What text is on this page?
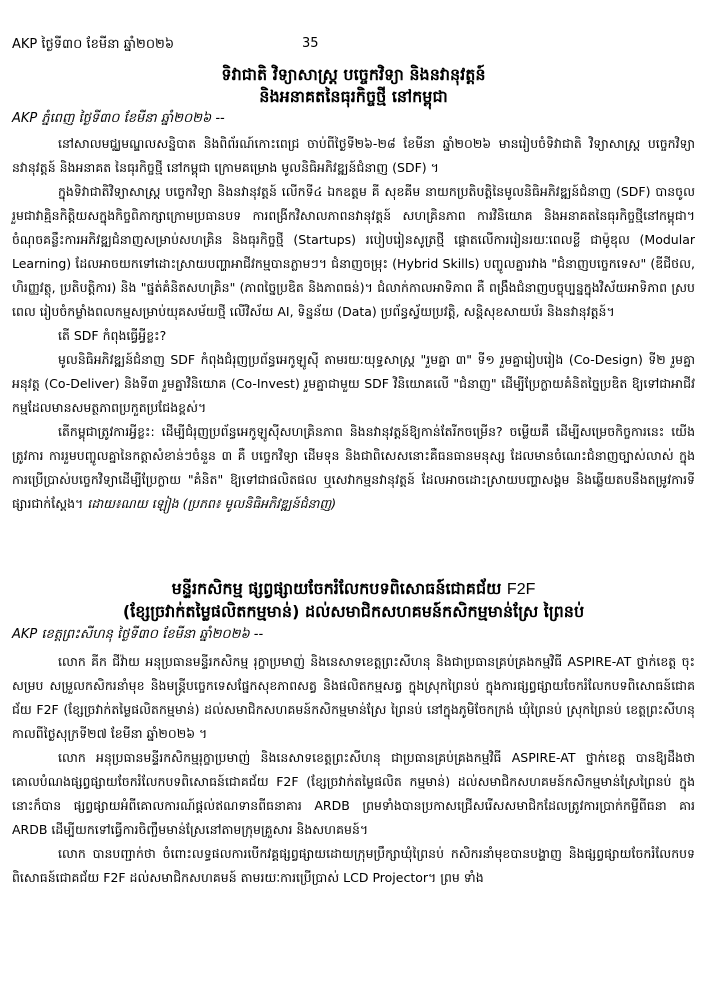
AKP ថ្ងៃទី៣០ ខែមីនា ឆ្នាំ២០២៦	35
ទិវាជាតិ វិទ្យាសាស្ត្រ បច្ចេកវិទ្យា និងនវានុវត្តន៍
និងអនាគតនៃធុរកិច្ចថ្មី នៅកម្ពុជា
AKP ភ្នំពេញ ថ្ងៃទី៣០ ខែមីនា ឆ្នាំ២០២៦ --

នៅសាលមជ្ឈមណ្ឌលសន្និបាត និងពិព័រណ៍កោះពេជ្រ ចាប់ពីថ្ងៃទី២៦-២៨ ខែមីនា ឆ្នាំ២០២៦ មានរៀបចំទិវាជាតិ វិទ្យាសាស្ត្រ បច្ចេកវិទ្យា នវានុវត្តន៍ និងអនាគត នៃធុរកិច្ចថ្មី នៅកម្ពុជា ក្រោមគម្រោង មូលនិធិអភិវឌ្ឍន៍ជំនាញ (SDF) ។

ក្នុងទិវាជាតិវិទ្យាសាស្ត្រ បច្ចេកវិទ្យា និងនវានុវត្តន៍ លើកទី៤ ឯកឧត្តម គី សុខគីម នាយកប្រតិបត្តិនៃមូលនិធិអភិវឌ្ឍន៍ជំនាញ (SDF) បានចូលរួមជាវាគ្មិនកិត្តិយសក្នុងកិច្ចពិភាក្សាក្រោមប្រធានបទ ការពង្រីកវិសាលភាពនវានុវត្តន៍ សហគ្រិនភាព ការវិនិយោគ និងអនាគតនៃធុរកិច្ចថ្មីនៅកម្ពុជា។ ចំណុចគន្លឹះការអភិវឌ្ឍជំនាញសម្រាប់សហគ្រិន និងធុរកិច្ចថ្មី (Startups) របៀបរៀនសូត្រថ្មី ផ្ដោតលើការរៀនរយៈពេលខ្លី ជាម៉ូឌុល (Modular Learning) ដែលអាចយកទៅដោះស្រាយបញ្ហាអាជីវកម្មបានភ្លាមៗ។ ជំនាញចម្រុះ (Hybrid Skills) បញ្ចូលគ្នារវាង "ជំនាញបច្ចេកទេស" (ឌីជីថល, ហិរញ្ញវត្ថុ, ប្រតិបត្តិការ) និង "ផ្នត់គំនិតសហគ្រិន" (ភាពច្នៃប្រឌិត និងភាពធន់)។ ជំលាក់កាលអាទិភាព គឺ ពង្រឹងជំនាញបច្ចុប្បន្នក្នុងវិស័យអាទិភាព ស្របពេល រៀបចំកម្លាំងពលកម្មសម្រាប់យុគសម័យថ្មី លើវិស័យ AI, ទិន្នន័យ (Data) ប្រព័ន្ធស្វ័យប្រវត្តិ, សន្តិសុខសាយប័រ និងនវានុវត្តន៍។

តើ SDF កំពុងធ្វើអ្វីខ្លះ?

មូលនិធិអភិវឌ្ឍន៍ជំនាញ SDF កំពុងជំរុញប្រព័ន្ធអេកូឡូស៊ី តាមរយៈយុទ្ធសាស្ត្រ "រួមគ្នា ៣" ទី១ រួមគ្នារៀបរៀង (Co-Design) ទី២ រួមគ្នាអនុវត្ត (Co-Deliver) និងទី៣ រួមគ្នាវិនិយោគ (Co-Invest) រួមគ្នាជាមួយ SDF វិនិយោគលើ "ជំនាញ" ដើម្បីប្រែក្លាយគំនិតច្នៃប្រឌិត ឱ្យទៅជាអាជីវកម្មដែលមានសមត្ថភាពប្រកួតប្រជែងខ្ពស់។

តើកម្ពុជាត្រូវការអ្វីខ្លះ: ដើម្បីជំរុញប្រព័ន្ធអេកូឡូស៊ីសហគ្រិនភាព និងនវានុវត្តន៍ឱ្យកាន់តែរីកចម្រើន? ចម្លើយគឺ ដើម្បីសម្រេចកិច្ចការនេះ យើងត្រូវការ ការរួមបញ្ចូលគ្នានៃកត្តាសំខាន់ៗចំនួន ៣ គឺ បច្ចេកវិទ្យា ដើមទុន និងជាពិសេសនោះគឺធនធានមនុស្ស ដែលមានចំណេះជំនាញច្បាស់លាស់ ក្នុងការប្រើប្រាស់បច្ចេកវិទ្យាដើម្បីប្រែក្លាយ "គំនិត" ឱ្យទៅជាផលិតផល ឬសេវាកម្មនវានុវត្តន៍ ដែលអាចដោះស្រាយបញ្ហាសង្គម និងឆ្លើយតបនឹងតម្រូវការទីផ្សារជាក់ស្តែង។ ដោយ៖ណយ ឡៀង (ប្រភព៖ មូលនិធិអភិវឌ្ឍន៍ជំនាញ)

មន្ទីរកសិកម្ម ផ្សព្វផ្សាយចែករំលែកបទពិសោធន៍ជោគជ័យ F2F
(ខ្សែច្រវាក់តម្លៃផលិតកម្មមាន់) ដល់សមាជិកសហគមន៍កសិកម្មមាន់ស្រែ ព្រៃនប់
AKP ខេត្តព្រះសីហនុ ថ្ងៃទី៣០ ខែមីនា ឆ្នាំ២០២៦ --

លោក គីក ជីវ៉ាយ អនុប្រធានមន្ទីរកសិកម្ម រុក្ខាប្រមាញ់ និងនេសាទខេត្តព្រះសីហនុ និងជាប្រធានគ្រប់គ្រងកម្មវិធី ASPIRE-AT ថ្នាក់ខេត្ត ចុះសម្រប សម្រួលកសិករនាំមុខ និងមន្ត្រីបច្ចេកទេសផ្នែកសុខភាពសត្វ និងផលិតកម្មសត្វ ក្នុងស្រុកព្រៃនប់ ក្នុងការផ្សព្វផ្សាយចែករំលែកបទពិសោធន៍ជោគ ជ័យ F2F (ខ្សែច្រវាក់តម្លៃផលិតកម្មមាន់) ដល់សមាជិកសហគមន៍កសិកម្មមាន់ស្រែ ព្រៃនប់ នៅក្នុងភូមិចែកក្រង់ ឃុំព្រៃនប់ ស្រុកព្រៃនប់ ខេត្តព្រះសីហនុ កាលពីថ្ងៃសុក្រទី២៧ ខែមីនា ឆ្នាំ២០២៦ ។

លោក អនុប្រធានមន្ទីរកសិកម្មរុក្ខាប្រមាញ់ និងនេសាទខេត្តព្រះសីហនុ ជាប្រធានគ្រប់គ្រងកម្មវិធី ASPIRE-AT ថ្នាក់ខេត្ត បានឱ្យដឹងថា គោលបំណងផ្សព្វផ្សាយចែករំលែកបទពិសោធន៍ជោគជ័យ F2F (ខ្សែច្រវាក់តម្លៃផលិត កម្មមាន់) ដល់សមាជិកសហគមន៍កសិកម្មមាន់ស្រែព្រៃនប់ ក្នុងនោះក៏បាន ផ្សព្វផ្សាយអំពីគោលការណ៍ផ្ដល់ឥណទានពីធនាគារ ARDB ព្រមទាំងបានប្រកាសជ្រើសរើសសមាជិកដែលត្រូវការប្រាក់កម្ចីពីធនា គារ ARDB ដើម្បីយកទៅធ្វើការចិញ្ចឹមមាន់ស្រែនៅតាមក្រុមគ្រួសារ និងសហគមន៍។

លោក បានបញ្ជាក់ថា ចំពោះលទ្ធផលការបើកវគ្គផ្សព្វផ្សាយដោយក្រុមប្រឹក្សាឃុំព្រៃនប់ កសិករនាំមុខបានបង្ហាញ និងផ្សព្វផ្សាយចែករំលែកបទ ពិសោធន៍ជោគជ័យ F2F ដល់សមាជិកសហគមន៍ តាមរយៈការប្រើប្រាស់ LCD Projector។ ព្រម ទាំង
